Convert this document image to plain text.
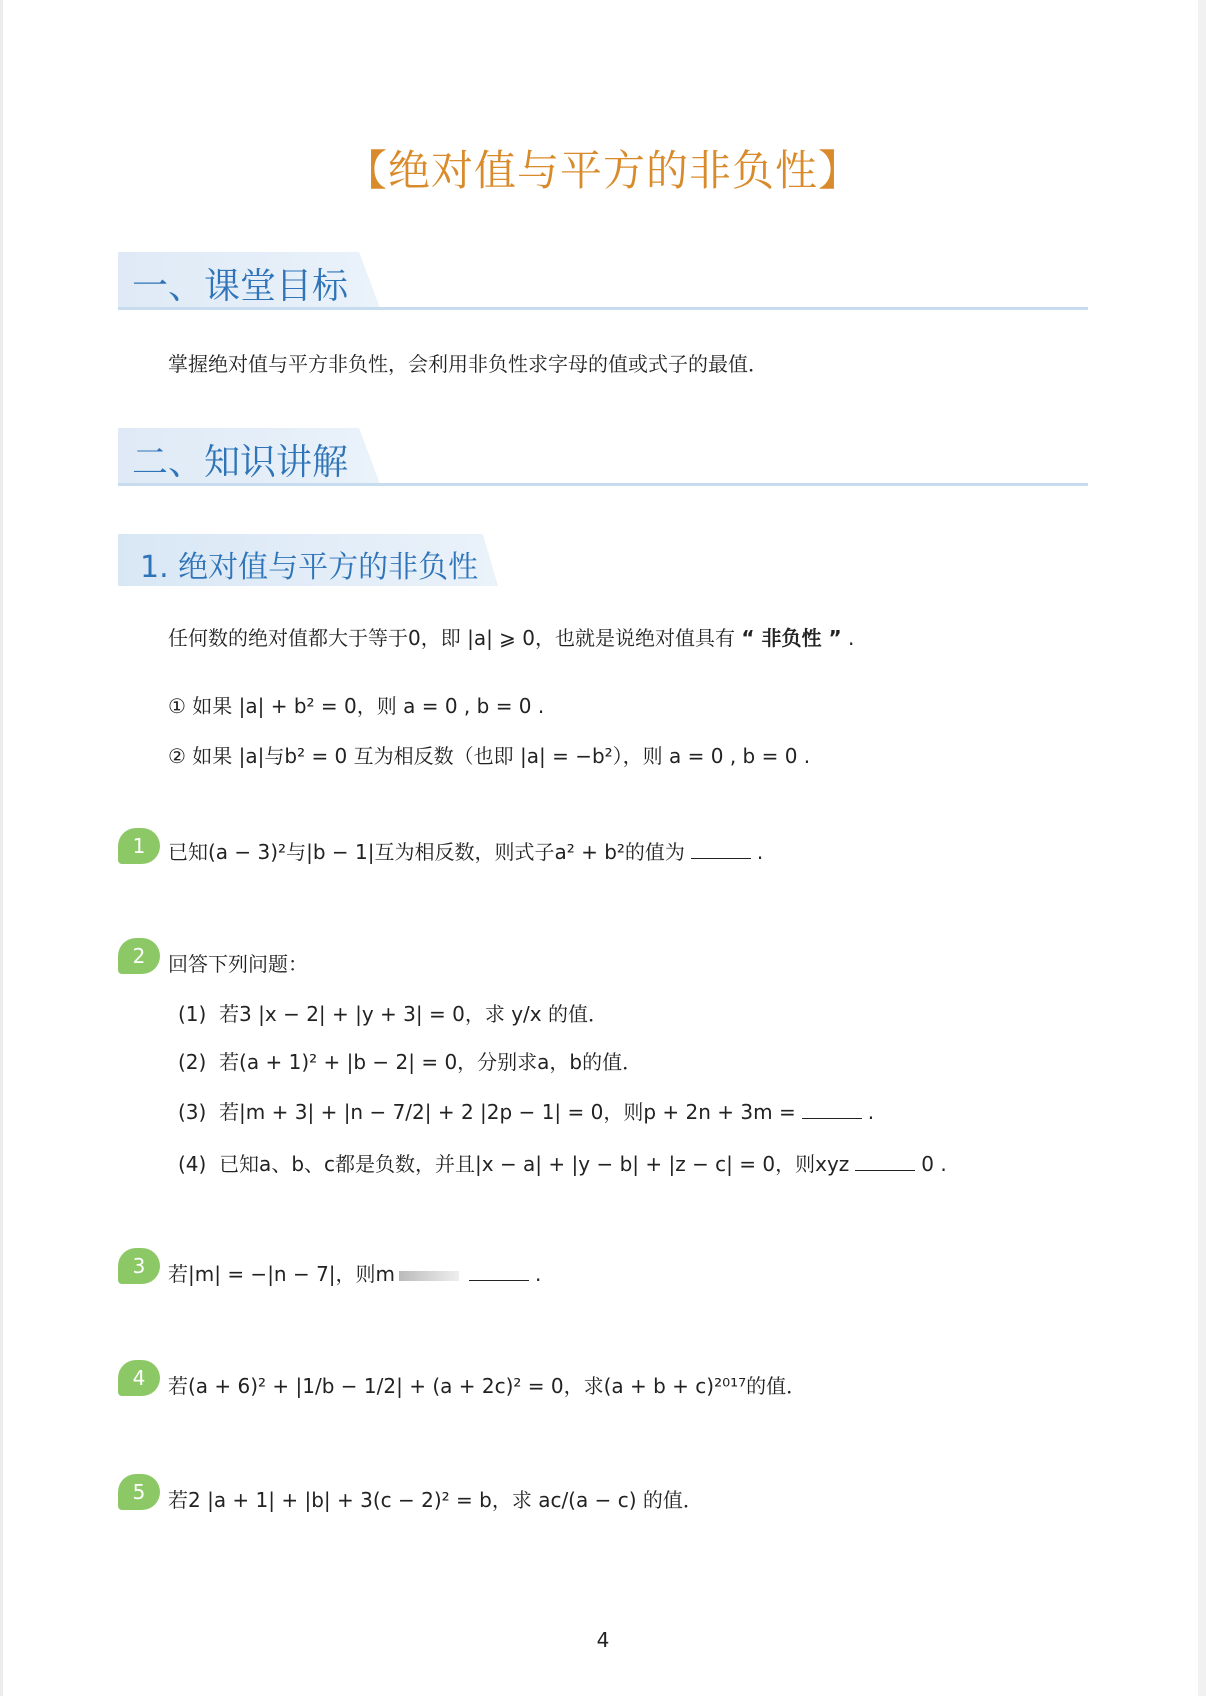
【绝对值与平方的非负性】
一、课堂目标
掌握绝对值与平方非负性，会利用非负性求字母的值或式子的最值．
二、知识讲解
1. 绝对值与平方的非负性
任何数的绝对值都大于等于0，即 |a| ⩾ 0，也就是说绝对值具有 “ 非负性 ” .
① 如果 |a| + b² = 0，则 a = 0 , b = 0 .
② 如果 |a|与b² = 0 互为相反数（也即 |a| = −b²），则 a = 0 , b = 0 .
1	已知(a − 3)²与|b − 1|互为相反数，则式子a² + b²的值为	.
2	回答下列问题：
(1) 若3 |x − 2| + |y + 3| = 0，求 y/x 的值．
(2) 若(a + 1)² + |b − 2| = 0，分别求a，b的值．
(3) 若|m + 3| + |n − 7/2| + 2 |2p − 1| = 0，则p + 2n + 3m =	.
(4) 已知a、b、c都是负数，并且|x − a| + |y − b| + |z − c| = 0，则xyz	0 .
3	若|m| = −|n − 7|，则m	.
4	若(a + 6)² + |1/b − 1/2| + (a + 2c)² = 0，求(a + b + c)²⁰¹⁷的值．
5	若2 |a + 1| + |b| + 3(c − 2)² = b，求 ac/(a − c) 的值．
4
